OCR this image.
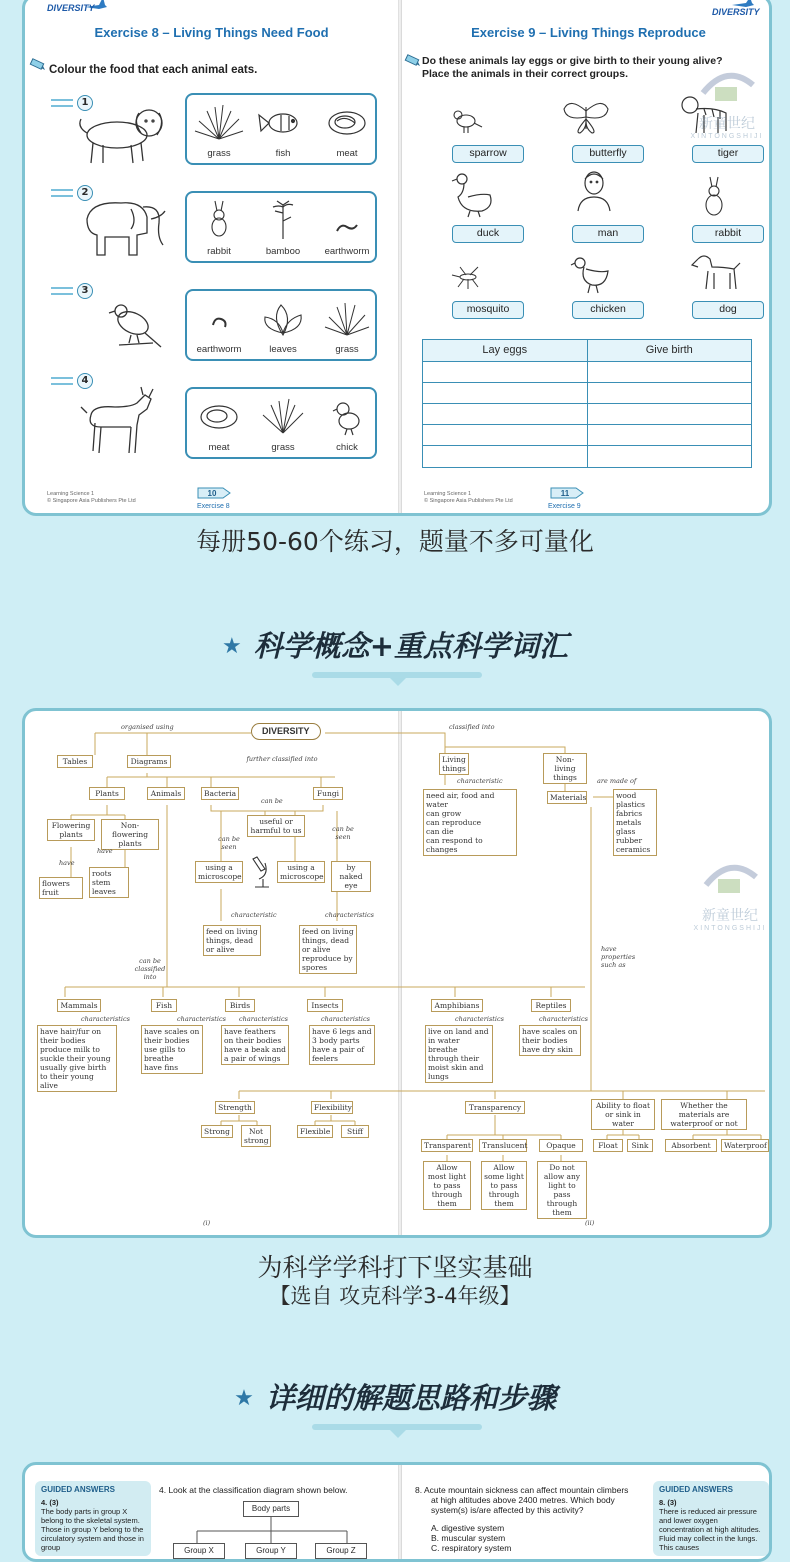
DIVERSITY
Exercise 8 – Living Things Need Food
Colour the food that each animal eats.
1
grass	fish	meat
2
rabbit	bamboo	earthworm
3
earthworm	leaves	grass
4
meat	grass	chick
Learning Science 1
© Singapore Asia Publishers Pte Ltd
10
Exercise 8
DIVERSITY
Exercise 9 – Living Things Reproduce
Do these animals lay eggs or give birth to their young alive?
Place the animals in their correct groups.
sparrow	butterfly	tiger
duck	man	rabbit
mosquito	chicken	dog
Lay eggs	Give birth
Learning Science 1
© Singapore Asia Publishers Pte Ltd
11
Exercise 9
新童世纪
XINTONGSHIJI
每册50-60个练习，题量不多可量化
★ 科学概念+重点科学词汇
DIVERSITY
organised using	classified into
further classified into
Tables	Diagrams
Plants	Animals	Bacteria	Fungi
can be
Flowering plants
Non-flowering plants
have
have
flowers
fruit
roots
stem
leaves
useful or harmful to us
can be seen
can be seen
using a microscope
using a microscope
by naked eye
characteristic	characteristics
feed on living things, dead or alive
feed on living things, dead or alive
reproduce by spores
can be classified into
Mammals	Fish	Birds	Insects	Amphibians	Reptiles
characteristics	characteristics characteristics	characteristics	characteristics	characteristics
have hair/fur on their bodies
produce milk to suckle their young
usually give birth to their young alive
have scales on their bodies
use gills to breathe
have fins
have feathers on their bodies
have a beak and a pair of wings
have 6 legs and 3 body parts
have a pair of feelers
live on land and in water
breathe through their moist skin and lungs
have scales on their bodies
have dry skin
Living things
Non-living things
characteristic
need air, food and water
can grow
can reproduce
can die
can respond to changes
are made of
Materials	wood
plastics
fabrics
metals
glass
rubber
ceramics
have properties such as
Strength
Strong	Not strong
Flexibility
Flexible	Stiff
Transparency
Transparent	Translucent	Opaque
Allow most light to pass through them
Allow some light to pass through them
Do not allow any light to pass through them
Ability to float or sink in water
Float	Sink
Whether the materials are waterproof or not
Absorbent	Waterproof
(i)	(ii)
新童世纪
XINTONGSHIJI
为科学学科打下坚实基础
【选自 攻克科学3-4年级】
★ 详细的解题思路和步骤
GUIDED ANSWERS
4. (3)
The body parts in group X belong to the skeletal system. Those in group Y belong to the circulatory system and those in group
4. Look at the classification diagram shown below.
Body parts
Group X	Group Y	Group Z
8. Acute mountain sickness can affect mountain climbers
at high altitudes above 2400 metres. Which body
system(s) is/are affected by this activity?
A. digestive system
B. muscular system
C. respiratory system
GUIDED ANSWERS
8. (3)
There is reduced air pressure and lower oxygen concentration at high altitudes. Fluid may collect in the lungs. This causes
